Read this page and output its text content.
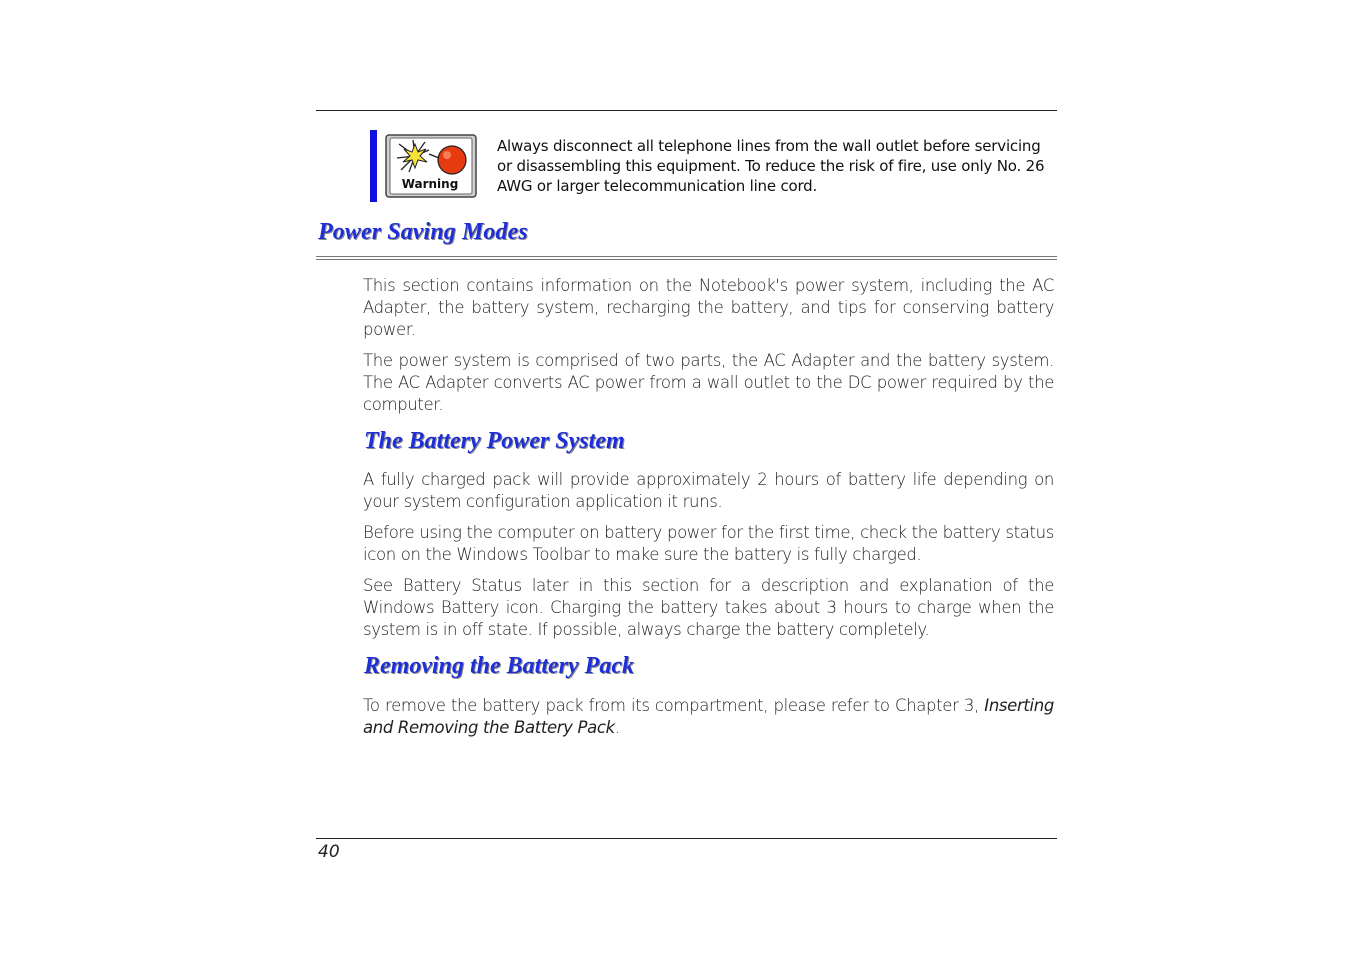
Warning

Always disconnect all telephone lines from the wall outlet before servicing or disassembling this equipment. To reduce the risk of fire, use only No. 26 AWG or larger telecommunication line cord.

Power Saving Modes

This section contains information on the Notebook's power system, including the AC Adapter, the battery system, recharging the battery, and tips for conserving battery power.

The power system is comprised of two parts, the AC Adapter and the battery system. The AC Adapter converts AC power from a wall outlet to the DC power required by the computer.

The Battery Power System

A fully charged pack will provide approximately 2 hours of battery life depending on your system configuration application it runs.

Before using the computer on battery power for the first time, check the battery status icon on the Windows Toolbar to make sure the battery is fully charged.

See Battery Status later in this section for a description and explanation of the Windows Battery icon. Charging the battery takes about 3 hours to charge when the system is in off state. If possible, always charge the battery completely.

Removing the Battery Pack

To remove the battery pack from its compartment, please refer to Chapter 3, Inserting and Removing the Battery Pack.

40
